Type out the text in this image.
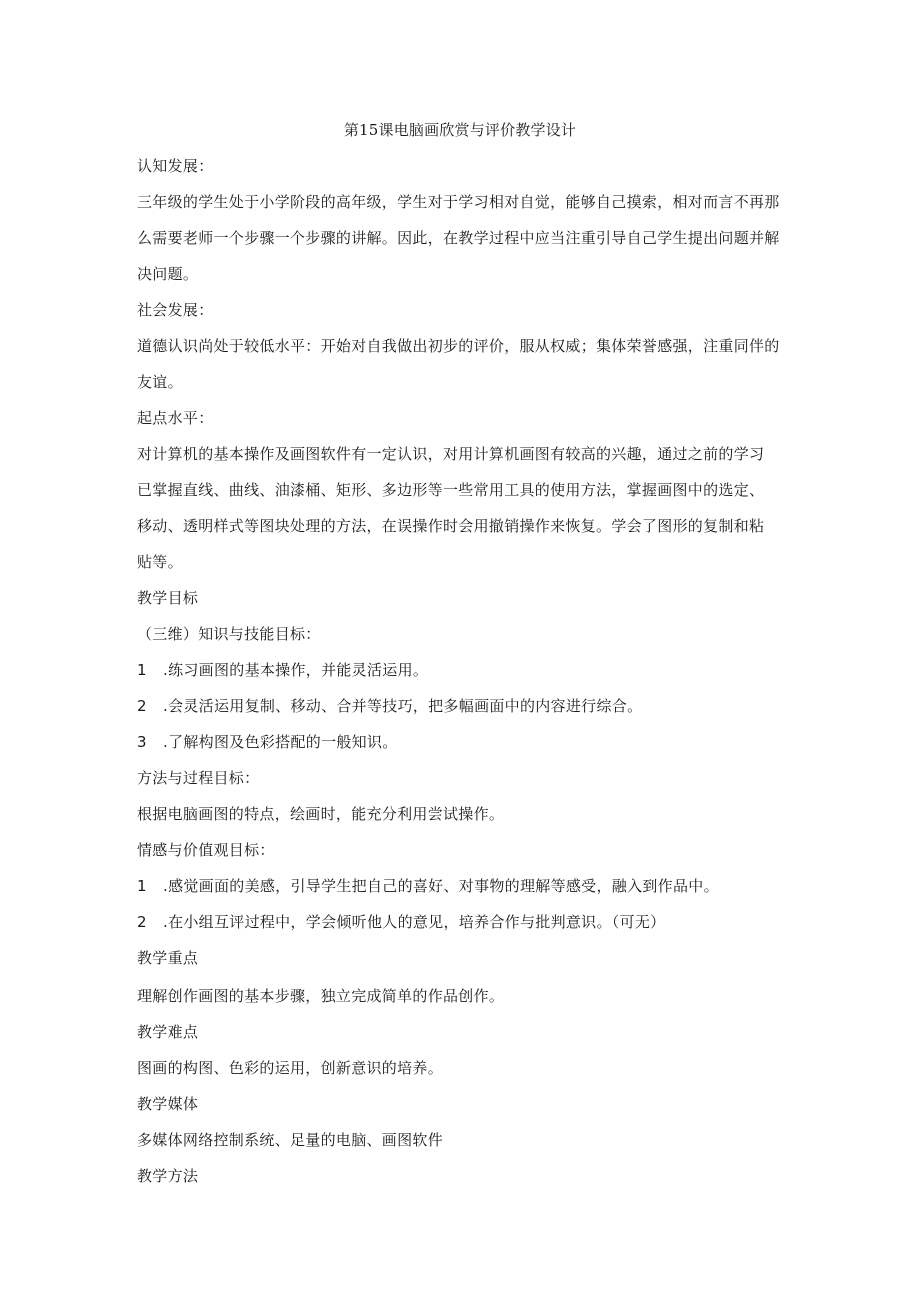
第15课电脑画欣赏与评价教学设计
认知发展：
三年级的学生处于小学阶段的高年级，学生对于学习相对自觉，能够自己摸索，相对而言不再那
么需要老师一个步骤一个步骤的讲解。因此，在教学过程中应当注重引导自己学生提出问题并解
决问题。
社会发展：
道德认识尚处于较低水平：开始对自我做出初步的评价，服从权威；集体荣誉感强，注重同伴的
友谊。
起点水平：
对计算机的基本操作及画图软件有一定认识，对用计算机画图有较高的兴趣，通过之前的学习
已掌握直线、曲线、油漆桶、矩形、多边形等一些常用工具的使用方法，掌握画图中的选定、
移动、透明样式等图块处理的方法，在误操作时会用撤销操作来恢复。学会了图形的复制和粘
贴等。
教学目标
（三维）知识与技能目标：
1 .练习画图的基本操作，并能灵活运用。
2 .会灵活运用复制、移动、合并等技巧，把多幅画面中的内容进行综合。
3 .了解构图及色彩搭配的一般知识。
方法与过程目标：
根据电脑画图的特点，绘画时，能充分利用尝试操作。
情感与价值观目标：
1 .感觉画面的美感，引导学生把自己的喜好、对事物的理解等感受，融入到作品中。
2 .在小组互评过程中，学会倾听他人的意见，培养合作与批判意识。（可无）
教学重点
理解创作画图的基本步骤，独立完成简单的作品创作。
教学难点
图画的构图、色彩的运用，创新意识的培养。
教学媒体
多媒体网络控制系统、足量的电脑、画图软件
教学方法
